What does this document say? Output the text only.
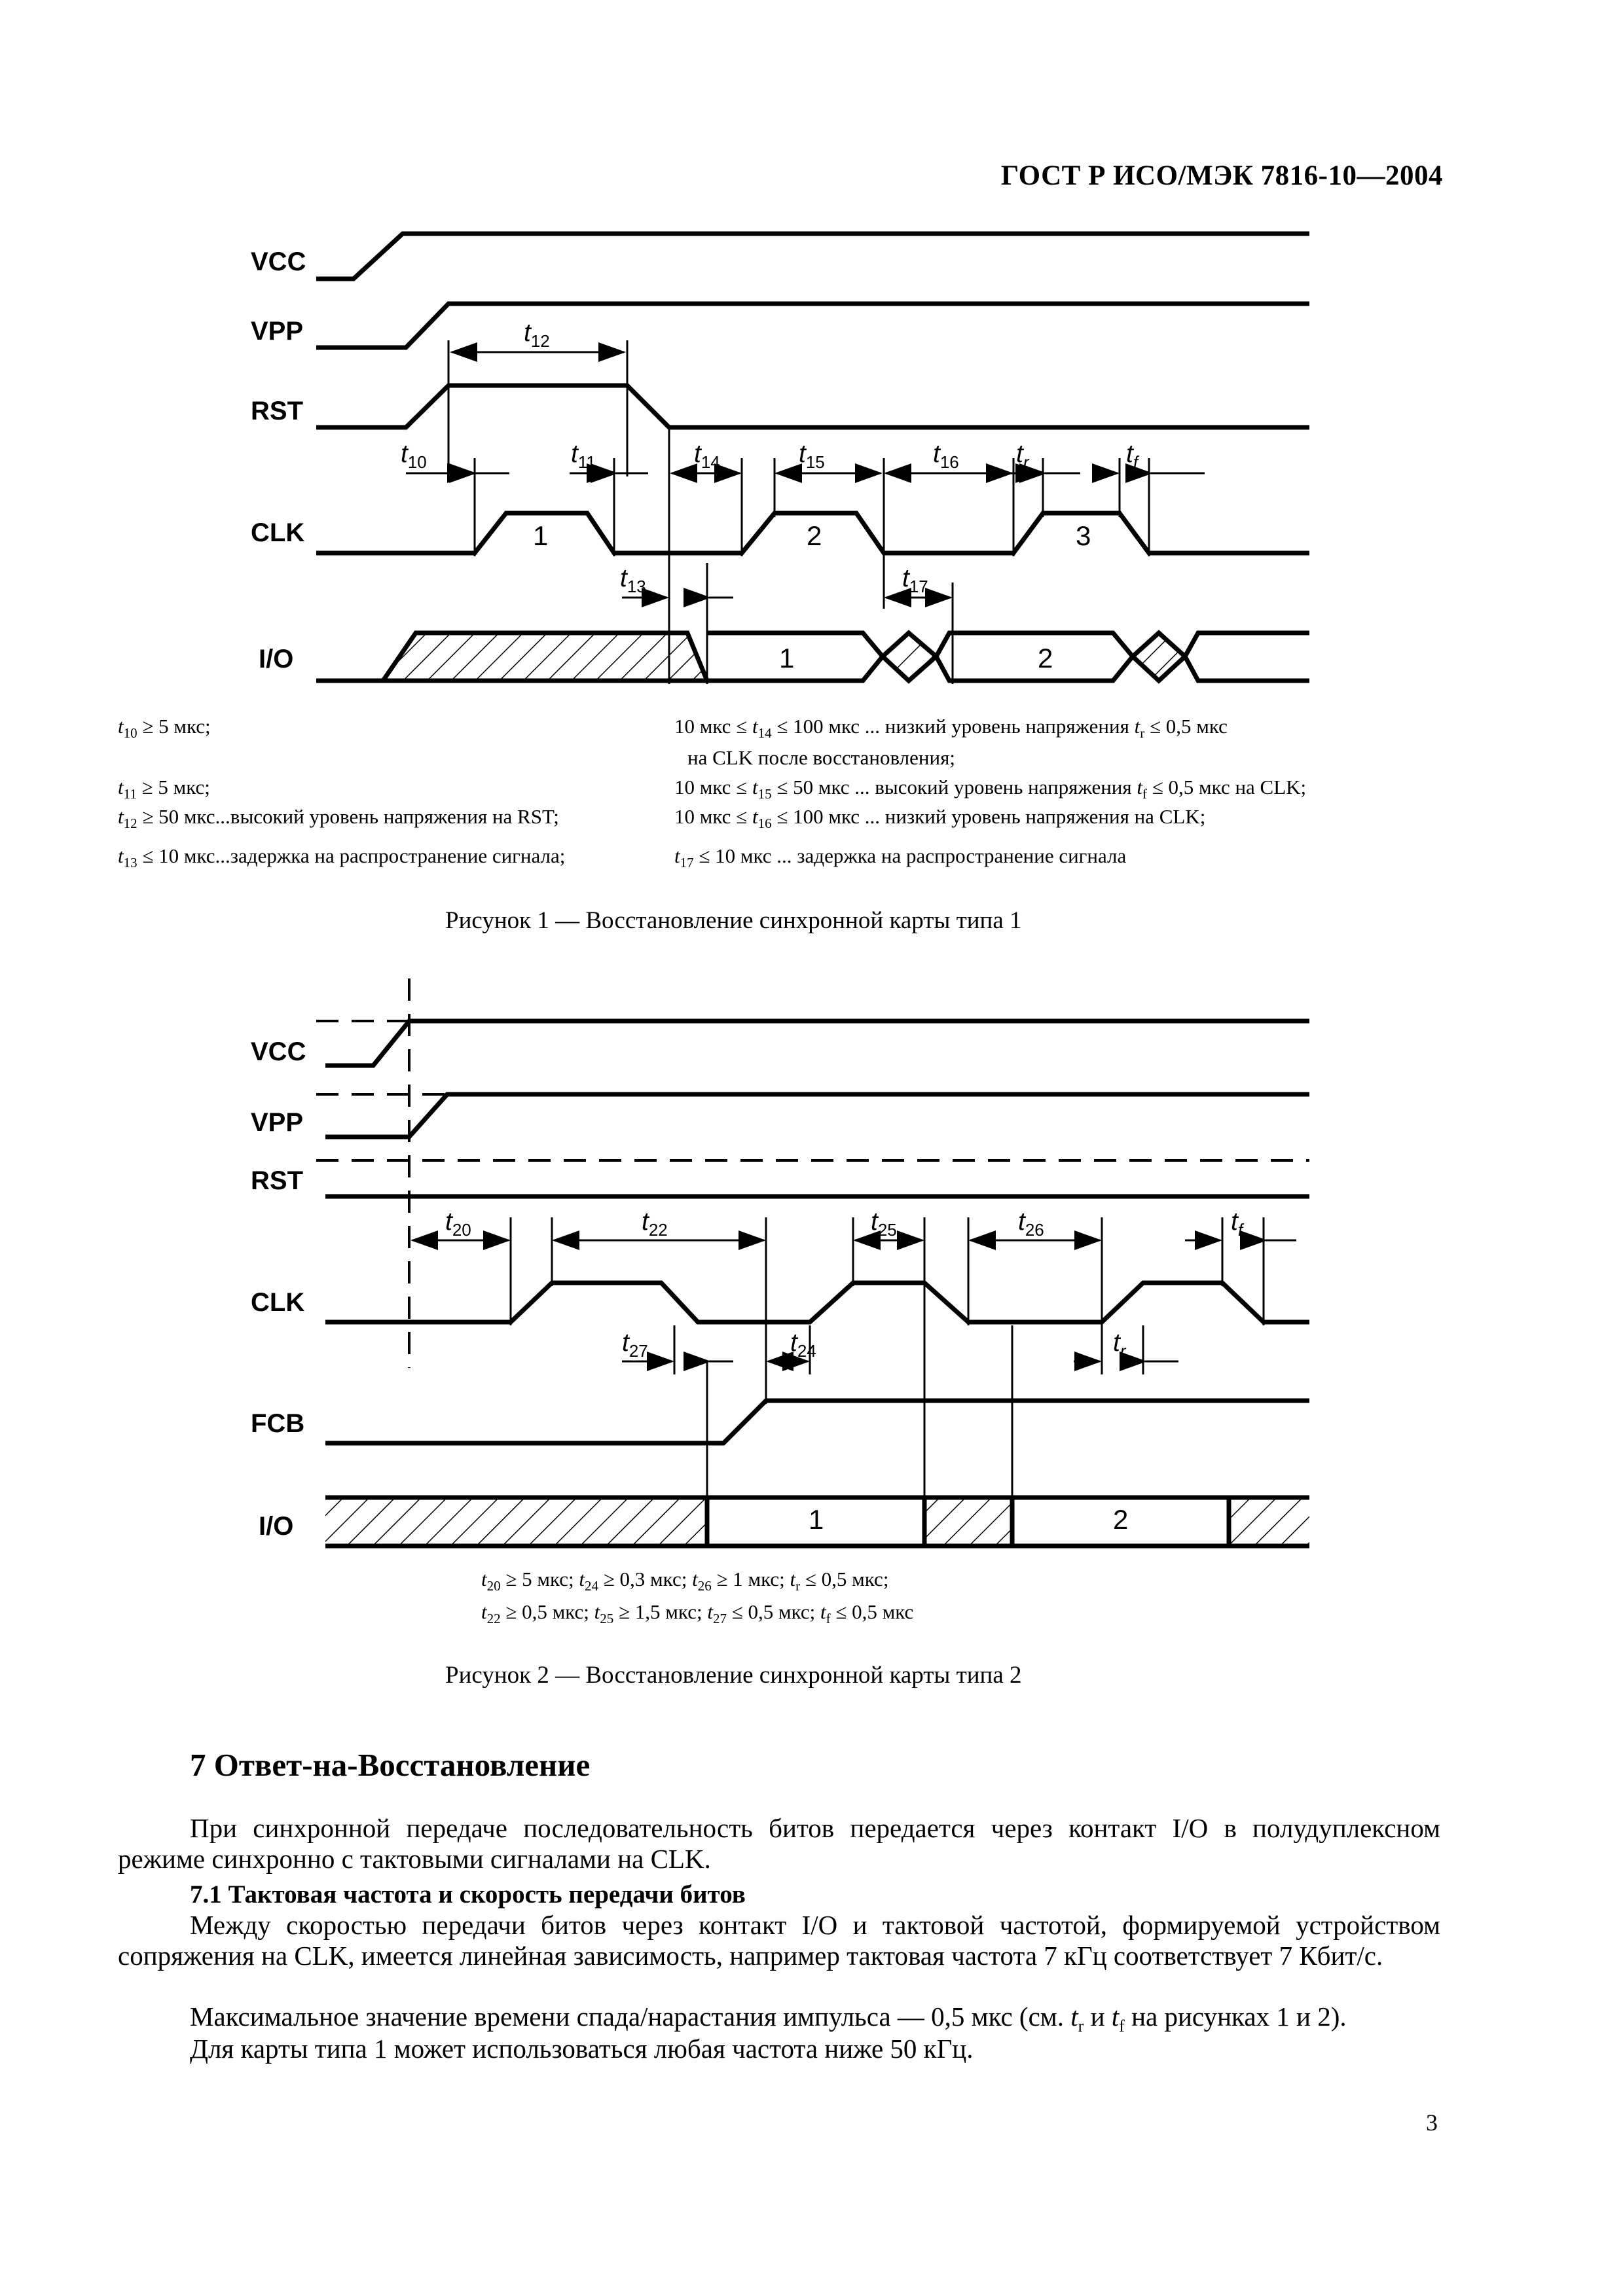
ГОСТ Р ИСО/МЭК 7816-10—2004
VCC
VPP
RST
CLK
I/O
1	2	3
1	2
$t_{12}$
$t_{10}$	$t_{11}$	$t_{14}$	$t_{15}$	$t_{16}$ $t_r$	$t_f$
$t_{13}$	$t_{17}$
$t_{10} \ge 5$ мкс;
$t_{11} \ge 5$ мкс;
$t_{12} \ge 50$ мкс...высокий уровень напряжения на RST;
$t_{13} \le 10$ мкс...задержка на распространение сигнала;
10 мкс ≤ $t_{14} \le 100$ мкс ... низкий уровень напряжения $t_r \le 0,5$ мкс
на CLK после восстановления;
10 мкс ≤ $t_{15} \le 50$ мкс ... высокий уровень напряжения $t_f \le 0,5$ мкс на CLK;
10 мкс ≤ $t_{16} \le 100$ мкс ... низкий уровень напряжения на CLK;
$t_{17} \le 10$ мкс ... задержка на распространение сигнала
Рисунок 1 — Восстановление синхронной карты типа 1
VCC
VPP
RST
CLK
FCB
I/O	1	2
$t_{20}$	$t_{22}$	$t_{25}$	$t_{26}$	$t_f$
$t_{27}$	$t_{24}$	$t_r$
$t_{20} \ge 5$ мкс; $t_{24} \ge 0,3$ мкс; $t_{26} \ge 1$ мкс; $t_r \le 0,5$ мкс;
$t_{22} \ge 0,5$ мкс; $t_{25} \ge 1,5$ мкс; $t_{27} \le 0,5$ мкс; $t_f \le 0,5$ мкс
Рисунок 2 — Восстановление синхронной карты типа 2
7 Ответ-на-Восстановление
При синхронной передаче последовательность битов передается через контакт I/O в полудуплексном режиме синхронно с тактовыми сигналами на CLK.
7.1 Тактовая частота и скорость передачи битов
Между скоростью передачи битов через контакт I/O и тактовой частотой, формируемой устройством сопряжения на CLK, имеется линейная зависимость, например тактовая частота 7 кГц соответствует 7 Кбит/с.
Максимальное значение времени спада/нарастания импульса — 0,5 мкс (см. $t_r$ и $t_f$ на рисунках 1 и 2).
Для карты типа 1 может использоваться любая частота ниже 50 кГц.
3
